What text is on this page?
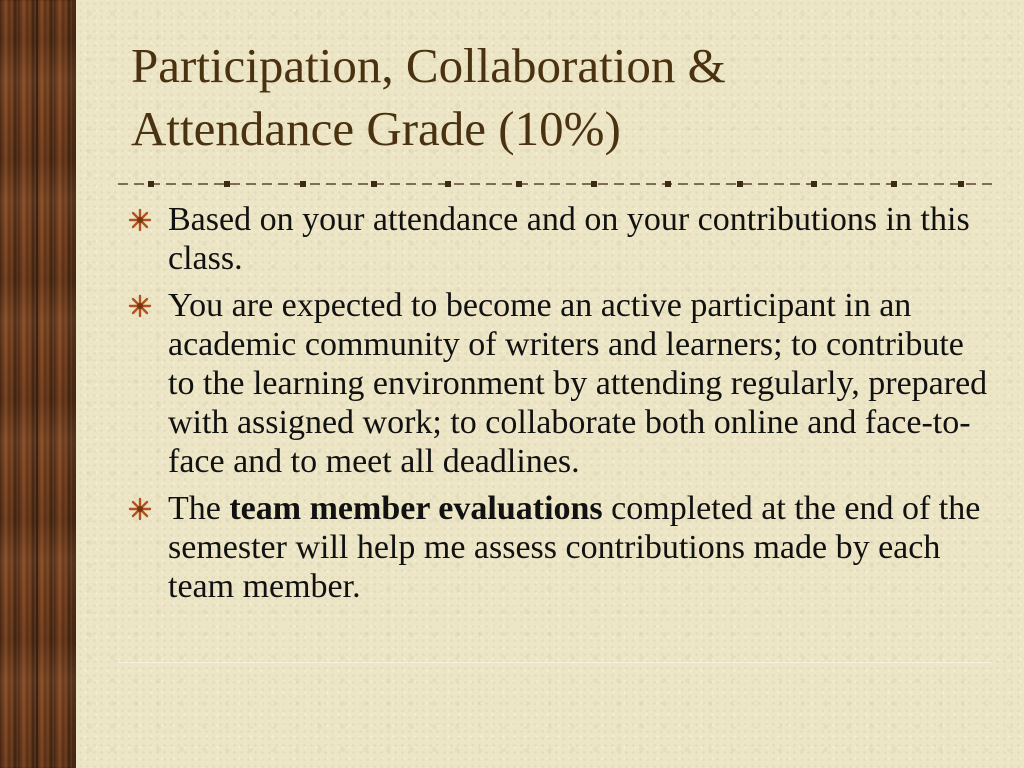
Participation, Collaboration &
Attendance Grade (10%)
Based on your attendance and on your contributions in this class.
You are expected to become an active participant in an academic community of writers and learners; to contribute to the learning environment by attending regularly, prepared with assigned work; to collaborate both online and face-to-face and to meet all deadlines.
The team member evaluations completed at the end of the semester will help me assess contributions made by each team member.
